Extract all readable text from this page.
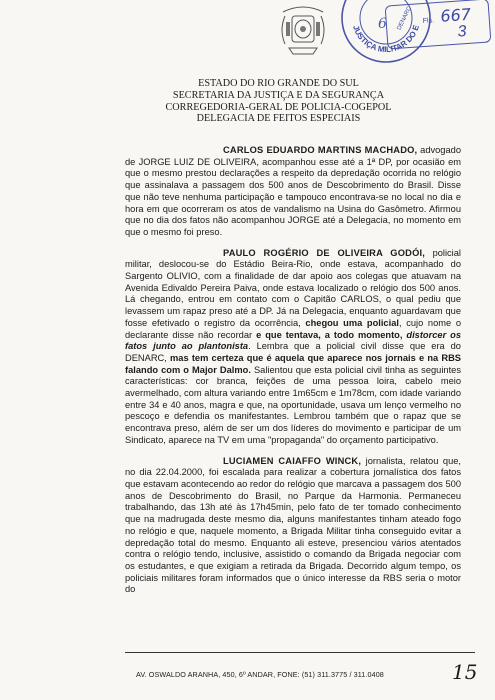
JUSTIÇA MILITAR DO E
6 DENARC Fls. 667
3
ESTADO DO RIO GRANDE DO SUL
SECRETARIA DA JUSTIÇA E DA SEGURANÇA
CORREGEDORIA-GERAL DE POLICIA-COGEPOL
DELEGACIA DE FEITOS ESPECIAIS

CARLOS EDUARDO MARTINS MACHADO, advogado de JORGE LUIZ DE OLIVEIRA, acompanhou esse até a 1ª DP, por ocasião em que o mesmo prestou declarações a respeito da depredação ocorrida no relógio que assinalava a passagem dos 500 anos de Descobrimento do Brasil. Disse que não teve nenhuma participação e tampouco encontrava-se no local no dia e hora em que ocorreram os atos de vandalismo na Usina do Gasômetro. Afirmou que no dia dos fatos não acompanhou JORGE até a Delegacia, no momento em que o mesmo foi preso.

PAULO ROGÉRIO DE OLIVEIRA GODÓI, policial militar, deslocou-se do Estádio Beira-Rio, onde estava, acompanhado do Sargento OLIVIO, com a finalidade de dar apoio aos colegas que atuavam na Avenida Edivaldo Pereira Paiva, onde estava localizado o relógio dos 500 anos. Lá chegando, entrou em contato com o Capitão CARLOS, o qual pediu que levassem um rapaz preso até a DP. Já na Delegacia, enquanto aguardavam que fosse efetivado o registro da ocorrência, chegou uma policial, cujo nome o declarante disse não recordar e que tentava, a todo momento, distorcer os fatos junto ao plantonista. Lembra que a policial civil disse que era do DENARC, mas tem certeza que é aquela que aparece nos jornais e na RBS falando com o Major Dalmo. Salientou que esta policial civil tinha as seguintes características: cor branca, feições de uma pessoa loira, cabelo meio avermelhado, com altura variando entre 1m65cm e 1m78cm, com idade variando entre 34 e 40 anos, magra e que, na oportunidade, usava um lenço vermelho no pescoço e defendia os manifestantes. Lembrou também que o rapaz que se encontrava preso, além de ser um dos líderes do movimento e participar de um Sindicato, aparece na TV em uma "propaganda" do orçamento participativo.

LUCIAMEN CAIAFFO WINCK, jornalista, relatou que, no dia 22.04.2000, foi escalada para realizar a cobertura jornalística dos fatos que estavam acontecendo ao redor do relógio que marcava a passagem dos 500 anos de Descobrimento do Brasil, no Parque da Harmonia. Permaneceu trabalhando, das 13h até às 17h45min, pelo fato de ter tomado conhecimento que na madrugada deste mesmo dia, alguns manifestantes tinham ateado fogo no relógio e que, naquele momento, a Brigada Militar tinha conseguido evitar a depredação total do mesmo. Enquanto ali esteve, presenciou vários atentados contra o relógio tendo, inclusive, assistido o comando da Brigada negociar com os estudantes, e que exigiam a retirada da Brigada. Decorrido algum tempo, os policiais militares foram informados que o único interesse da RBS seria o motor do

AV. OSWALDO ARANHA, 450, 6º ANDAR, FONE: (51) 311.3775 / 311.0408	15
